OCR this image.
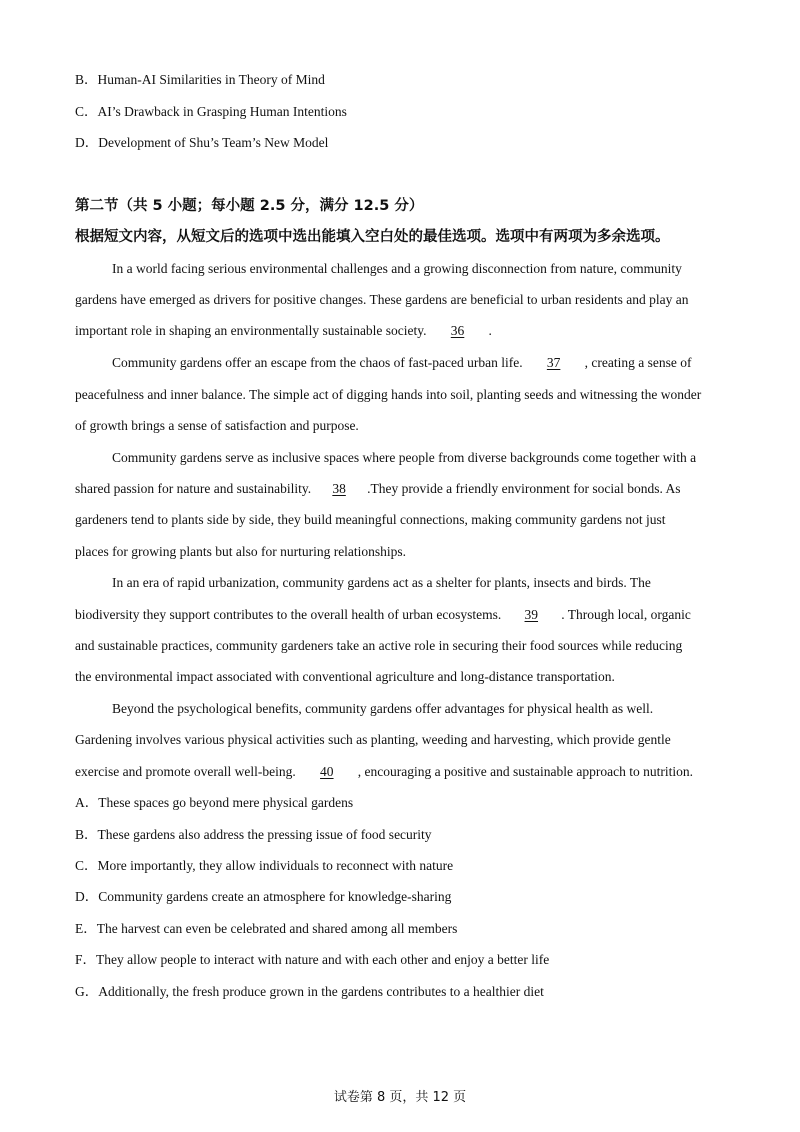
B．Human-AI Similarities in Theory of Mind
C．AI’s Drawback in Grasping Human Intentions
D．Development of Shu’s Team’s New Model
第二节（共 5 小题；每小题 2.5 分，满分 12.5 分）
根据短文内容，从短文后的选项中选出能填入空白处的最佳选项。选项中有两项为多余选项。
In a world facing serious environmental challenges and a growing disconnection from nature, community
gardens have emerged as drivers for positive changes. These gardens are beneficial to urban residents and play an
important role in shaping an environmentally sustainable society. 36 .
Community gardens offer an escape from the chaos of fast-paced urban life. 37 , creating a sense of
peacefulness and inner balance. The simple act of digging hands into soil, planting seeds and witnessing the wonder
of growth brings a sense of satisfaction and purpose.
Community gardens serve as inclusive spaces where people from diverse backgrounds come together with a
shared passion for nature and sustainability. 38 .They provide a friendly environment for social bonds. As
gardeners tend to plants side by side, they build meaningful connections, making community gardens not just
places for growing plants but also for nurturing relationships.
In an era of rapid urbanization, community gardens act as a shelter for plants, insects and birds. The
biodiversity they support contributes to the overall health of urban ecosystems. 39 . Through local, organic
and sustainable practices, community gardeners take an active role in securing their food sources while reducing
the environmental impact associated with conventional agriculture and long-distance transportation.
Beyond the psychological benefits, community gardens offer advantages for physical health as well.
Gardening involves various physical activities such as planting, weeding and harvesting, which provide gentle
exercise and promote overall well-being. 40 , encouraging a positive and sustainable approach to nutrition.
A．These spaces go beyond mere physical gardens
B．These gardens also address the pressing issue of food security
C．More importantly, they allow individuals to reconnect with nature
D．Community gardens create an atmosphere for knowledge-sharing
E．The harvest can even be celebrated and shared among all members
F．They allow people to interact with nature and with each other and enjoy a better life
G．Additionally, the fresh produce grown in the gardens contributes to a healthier diet
试卷第 8 页，共 12 页
